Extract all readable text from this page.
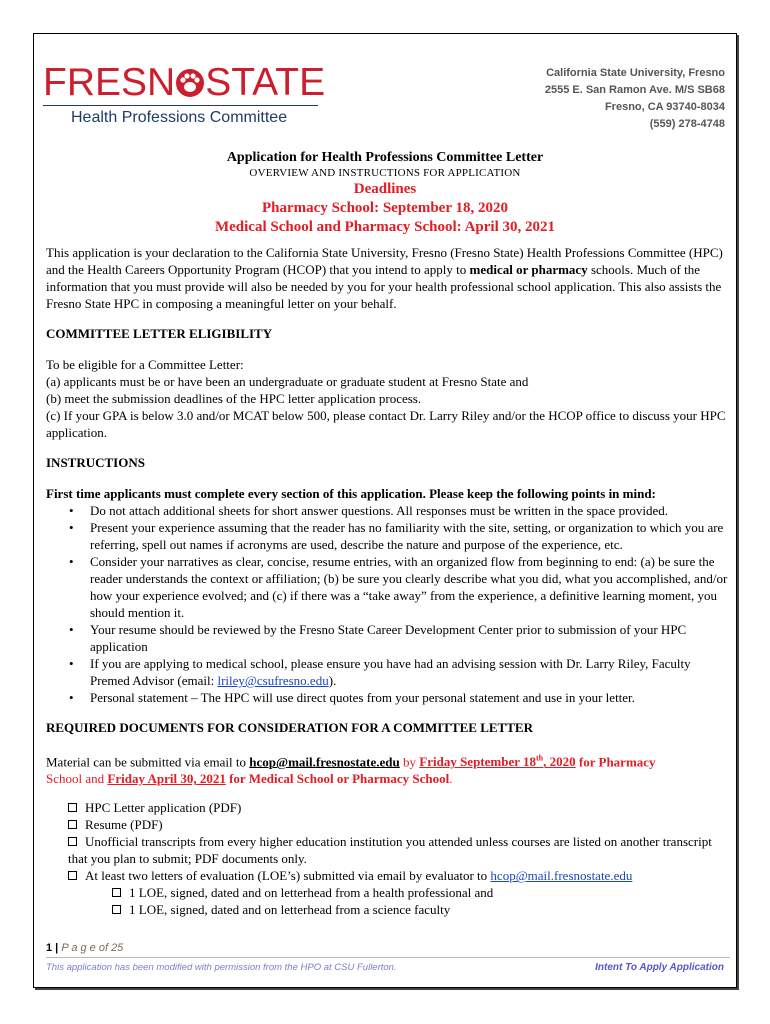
FRESN STATE
Health Professions Committee
California State University, Fresno
2555 E. San Ramon Ave. M/S SB68
Fresno, CA 93740-8034
(559) 278-4748
Application for Health Professions Committee Letter
OVERVIEW AND INSTRUCTIONS FOR APPLICATION
Deadlines
Pharmacy School: September 18, 2020
Medical School and Pharmacy School: April 30, 2021

This application is your declaration to the California State University, Fresno (Fresno State) Health Professions Committee (HPC) and the Health Careers Opportunity Program (HCOP) that you intend to apply to medical or pharmacy schools. Much of the information that you must provide will also be needed by you for your health professional school application. This also assists the Fresno State HPC in composing a meaningful letter on your behalf.

COMMITTEE LETTER ELIGIBILITY

To be eligible for a Committee Letter:

(a) applicants must be or have been an undergraduate or graduate student at Fresno State and

(b) meet the submission deadlines of the HPC letter application process.

(c) If your GPA is below 3.0 and/or MCAT below 500, please contact Dr. Larry Riley and/or the HCOP office to discuss your HPC application.

INSTRUCTIONS

First time applicants must complete every section of this application. Please keep the following points in mind:

• Do not attach additional sheets for short answer questions. All responses must be written in the space provided.
• Present your experience assuming that the reader has no familiarity with the site, setting, or organization to which you are referring, spell out names if acronyms are used, describe the nature and purpose of the experience, etc.
• Consider your narratives as clear, concise, resume entries, with an organized flow from beginning to end: (a) be sure the reader understands the context or affiliation; (b) be sure you clearly describe what you did, what you accomplished, and/or how your experience evolved; and (c) if there was a “take away” from the experience, a definitive learning moment, you should mention it.
• Your resume should be reviewed by the Fresno State Career Development Center prior to submission of your HPC application
• If you are applying to medical school, please ensure you have had an advising session with Dr. Larry Riley, Faculty Premed Advisor (email: lriley@csufresno.edu).
• Personal statement – The HPC will use direct quotes from your personal statement and use in your letter.

REQUIRED DOCUMENTS FOR CONSIDERATION FOR A COMMITTEE LETTER

Material can be submitted via email to hcop@mail.fresnostate.edu by Friday September 18th, 2020 for Pharmacy
School and Friday April 30, 2021 for Medical School or Pharmacy School.

HPC Letter application (PDF)

Resume (PDF)

Unofficial transcripts from every higher education institution you attended unless courses are listed on another transcript that you plan to submit; PDF documents only.

At least two letters of evaluation (LOE’s) submitted via email by evaluator to hcop@mail.fresnostate.edu

1 LOE, signed, dated and on letterhead from a health professional and

1 LOE, signed, dated and on letterhead from a science faculty

1 | P a g e of 25
This application has been modified with permission from the HPO at CSU Fullerton.	Intent To Apply Application
